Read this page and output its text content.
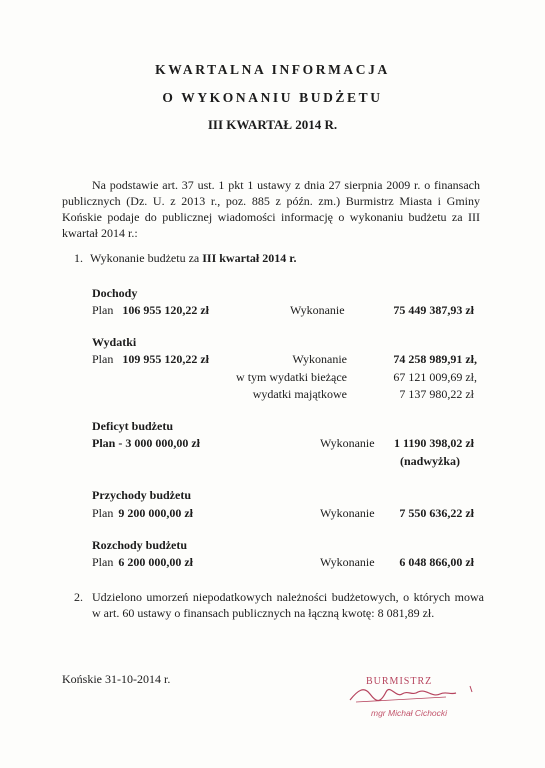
KWARTALNA INFORMACJA
O WYKONANIU BUDŻETU
III KWARTAŁ 2014 R.
Na podstawie art. 37 ust. 1 pkt 1 ustawy z dnia 27 sierpnia 2009 r. o finansach publicznych (Dz. U. z 2013 r., poz. 885 z późn. zm.) Burmistrz Miasta i Gminy Końskie podaje do publicznej wiadomości informację o wykonaniu budżetu za III kwartał 2014 r.:
1. Wykonanie budżetu za III kwartał 2014 r.
Dochody
Plan 106 955 120,22 zł	Wykonanie	75 449 387,93 zł
Wydatki
Plan 109 955 120,22 zł	Wykonanie	74 258 989,91 zł,
w tym wydatki bieżące	67 121 009,69 zł,
wydatki majątkowe	7 137 980,22 zł
Deficyt budżetu
Plan - 3 000 000,00 zł	Wykonanie 1 1190 398,02 zł
(nadwyżka)
Przychody budżetu
Plan 9 200 000,00 zł	Wykonanie 7 550 636,22 zł
Rozchody budżetu
Plan 6 200 000,00 zł	Wykonanie 6 048 866,00 zł
2. Udzielono umorzeń niepodatkowych należności budżetowych, o których mowa w art. 60 ustawy o finansach publicznych na łączną kwotę: 8 081,89 zł.
Końskie 31-10-2014 r.	BURMISTRZ
mgr Michał Cichocki
